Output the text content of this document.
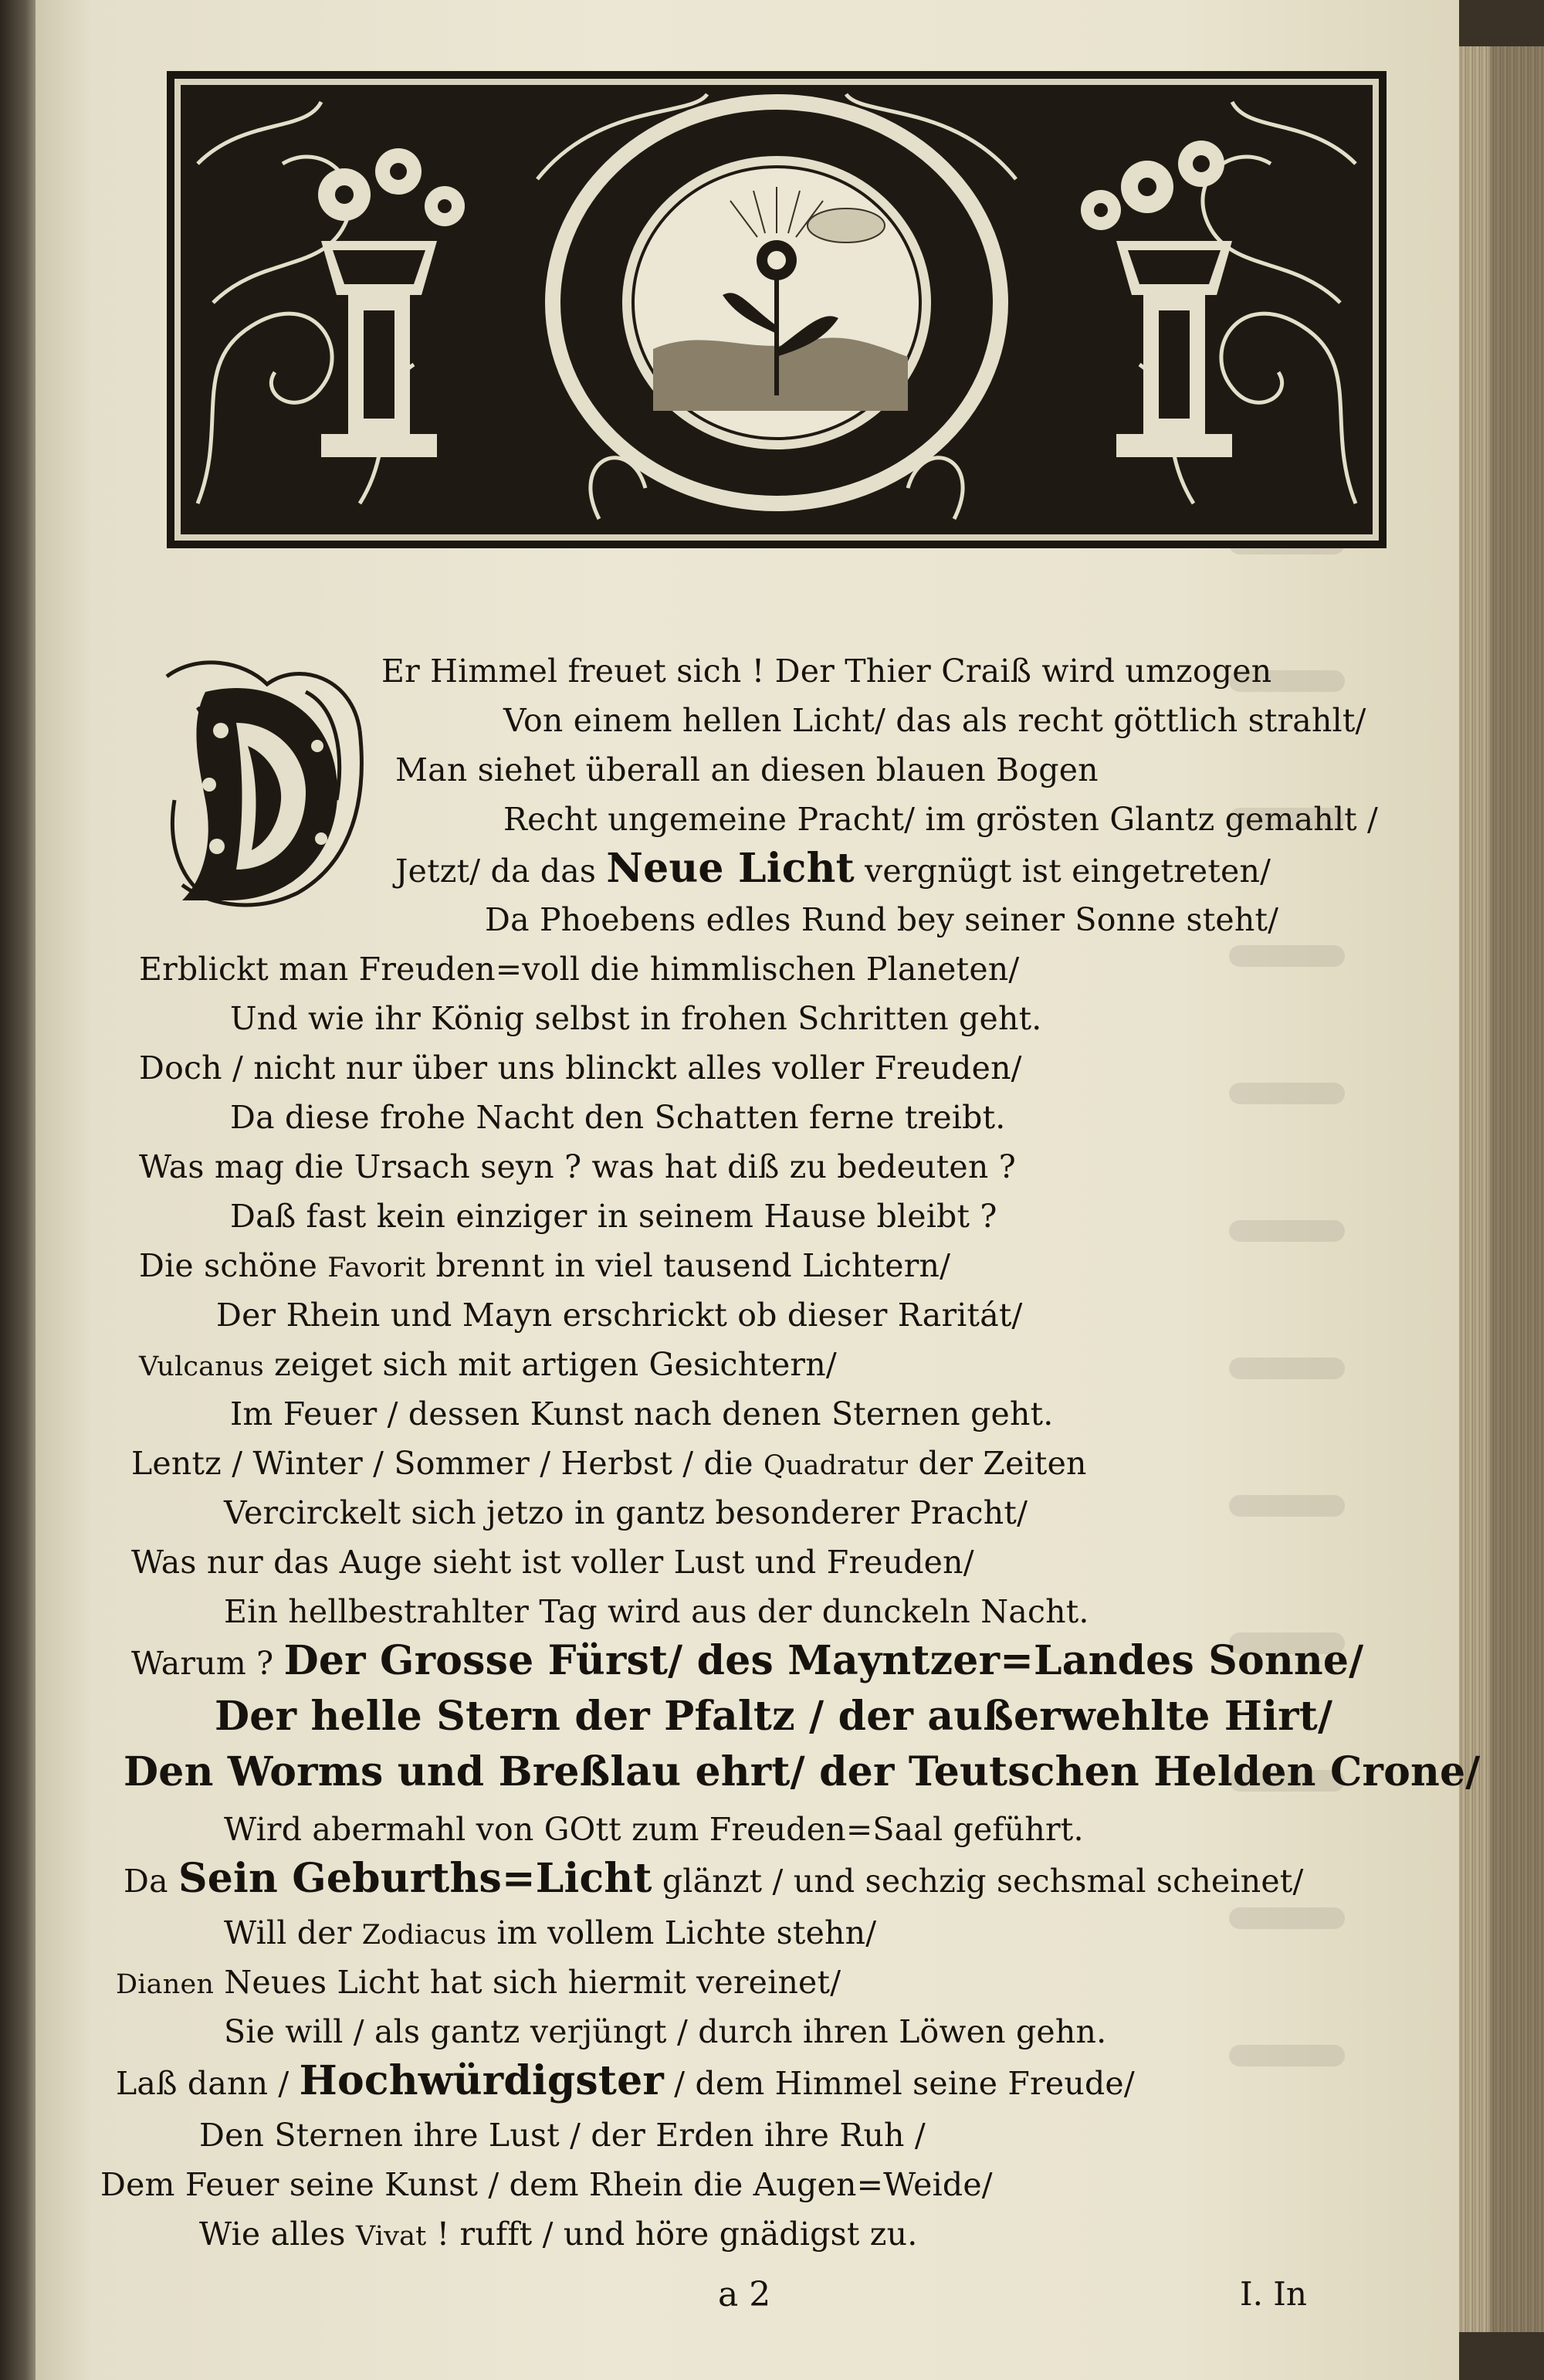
Er Himmel freuet sich ! Der Thier Craiß wird umzogen
Von einem hellen Licht/ das als recht göttlich strahlt/
Man siehet überall an diesen blauen Bogen
Recht ungemeine Pracht/ im grösten Glantz gemahlt /
Jetzt/ da das Neue Licht vergnügt ist eingetreten/
Da Phoebens edles Rund bey seiner Sonne steht/
Erblickt man Freuden=voll die himmlischen Planeten/
Und wie ihr König selbst in frohen Schritten geht.
Doch / nicht nur über uns blinckt alles voller Freuden/
Da diese frohe Nacht den Schatten ferne treibt.
Was mag die Ursach seyn ? was hat diß zu bedeuten ?
Daß fast kein einziger in seinem Hause bleibt ?
Die schöne Favorit brennt in viel tausend Lichtern/
Der Rhein und Mayn erschrickt ob dieser Raritát/
Vulcanus zeiget sich mit artigen Gesichtern/
Im Feuer / dessen Kunst nach denen Sternen geht.
Lentz / Winter / Sommer / Herbst / die Quadratur der Zeiten
Vercirckelt sich jetzo in gantz besonderer Pracht/
Was nur das Auge sieht ist voller Lust und Freuden/
Ein hellbestrahlter Tag wird aus der dunckeln Nacht.
Warum ? Der Grosse Fürst/ des Mayntzer=Landes Sonne/
Der helle Stern der Pfaltz / der außerwehlte Hirt/
Den Worms und Breßlau ehrt/ der Teutschen Helden Crone/
Wird abermahl von GOtt zum Freuden=Saal geführt.
Da Sein Geburths=Licht glänzt / und sechzig sechsmal scheinet/
Will der Zodiacus im vollem Lichte stehn/
Dianen Neues Licht hat sich hiermit vereinet/
Sie will / als gantz verjüngt / durch ihren Löwen gehn.
Laß dann / Hochwürdigster / dem Himmel seine Freude/
Den Sternen ihre Lust / der Erden ihre Ruh /
Dem Feuer seine Kunst / dem Rhein die Augen=Weide/
Wie alles Vivat ! rufft / und höre gnädigst zu.
a 2	I. In
